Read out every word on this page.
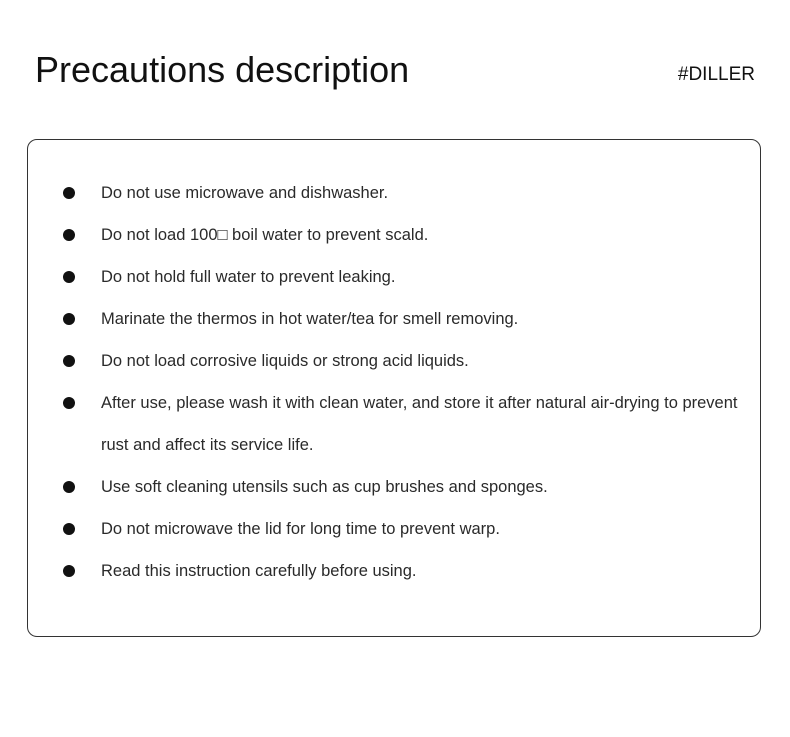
Precautions description	#DILLER
Do not use microwave and dishwasher.
Do not load 100□ boil water to prevent scald.
Do not hold full water to prevent leaking.
Marinate the thermos in hot water/tea for smell removing.
Do not load corrosive liquids or strong acid liquids.
After use, please wash it with clean water, and store it after natural air-drying to prevent rust and affect its service life.
Use soft cleaning utensils such as cup brushes and sponges.
Do not microwave the lid for long time to prevent warp.
Read this instruction carefully before using.
